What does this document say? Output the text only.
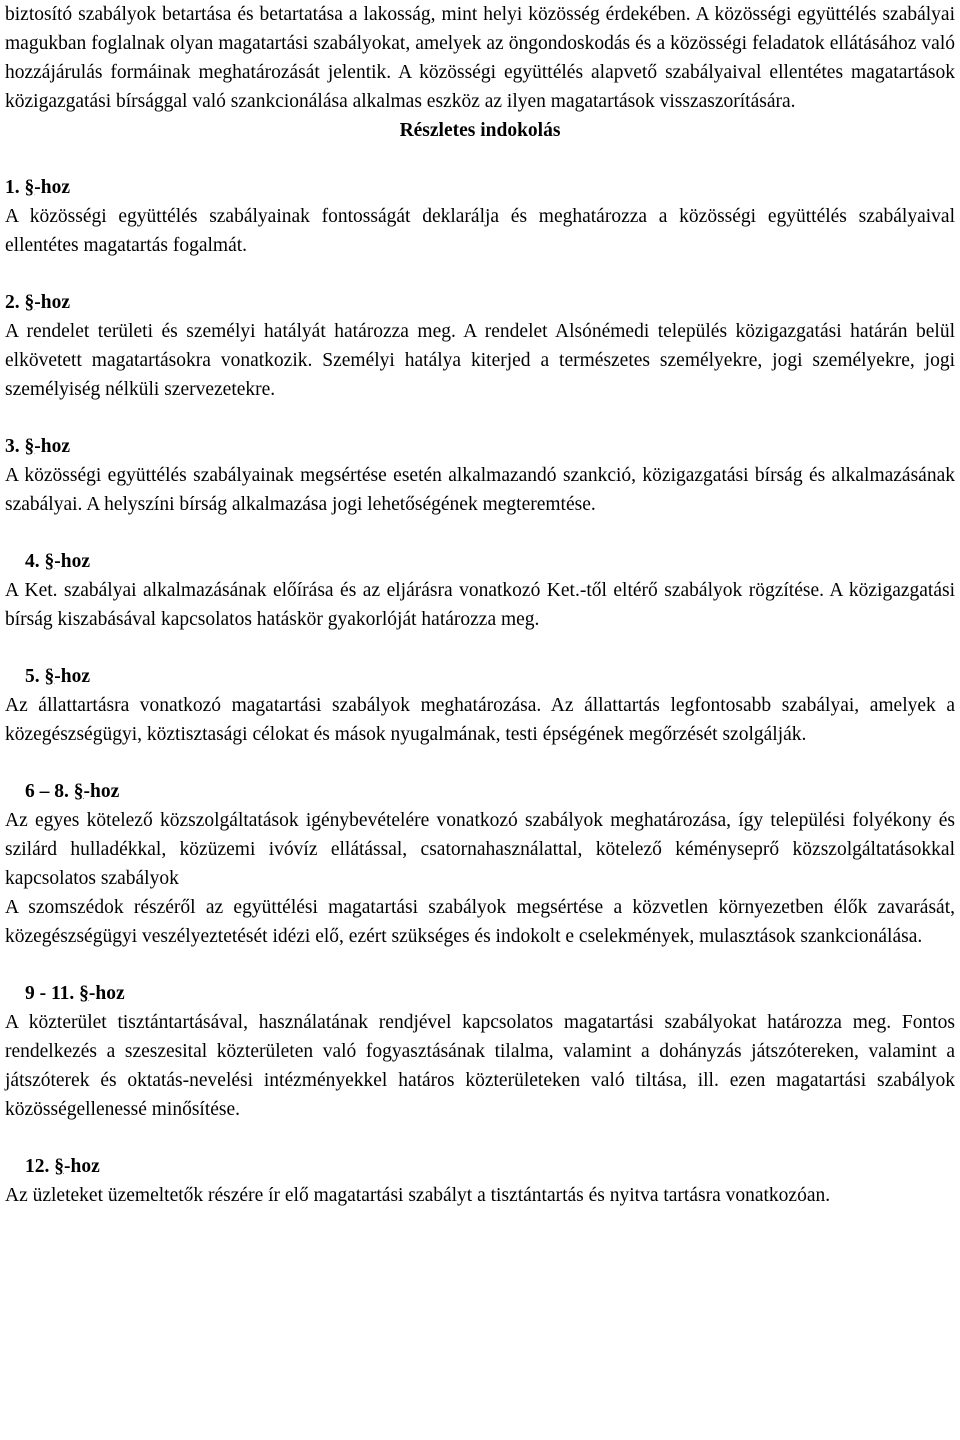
biztosító szabályok betartása és betartatása a lakosság, mint helyi közösség érdekében. A közösségi együttélés szabályai magukban foglalnak olyan magatartási szabályokat, amelyek az öngondoskodás és a közösségi feladatok ellátásához való hozzájárulás formáinak meghatározását jelentik. A közösségi együttélés alapvető szabályaival ellentétes magatartások közigazgatási bírsággal való szankcionálása alkalmas eszköz az ilyen magatartások visszaszorítására.

Részletes indokolás

1. §-hoz

A közösségi együttélés szabályainak fontosságát deklarálja és meghatározza a közösségi együttélés szabályaival ellentétes magatartás fogalmát.

2. §-hoz

A rendelet területi és személyi hatályát határozza meg. A rendelet Alsónémedi település közigazgatási határán belül elkövetett magatartásokra vonatkozik. Személyi hatálya kiterjed a természetes személyekre, jogi személyekre, jogi személyiség nélküli szervezetekre.

3. §-hoz

A közösségi együttélés szabályainak megsértése esetén alkalmazandó szankció, közigazgatási bírság és alkalmazásának szabályai. A helyszíni bírság alkalmazása jogi lehetőségének megteremtése.

4. §-hoz

A Ket. szabályai alkalmazásának előírása és az eljárásra vonatkozó Ket.-től eltérő szabályok rögzítése. A közigazgatási bírság kiszabásával kapcsolatos hatáskör gyakorlóját határozza meg.

5. §-hoz

Az állattartásra vonatkozó magatartási szabályok meghatározása. Az állattartás legfontosabb szabályai, amelyek a közegészségügyi, köztisztasági célokat és mások nyugalmának, testi épségének megőrzését szolgálják.

6 – 8. §-hoz

Az egyes kötelező közszolgáltatások igénybevételére vonatkozó szabályok meghatározása, így települési folyékony és szilárd hulladékkal, közüzemi ivóvíz ellátással, csatornahasználattal, kötelező kéményseprő közszolgáltatásokkal kapcsolatos szabályok

A szomszédok részéről az együttélési magatartási szabályok megsértése a közvetlen környezetben élők zavarását, közegészségügyi veszélyeztetését idézi elő, ezért szükséges és indokolt e cselekmények, mulasztások szankcionálása.

9 - 11. §-hoz

A közterület tisztántartásával, használatának rendjével kapcsolatos magatartási szabályokat határozza meg. Fontos rendelkezés a szeszesital közterületen való fogyasztásának tilalma, valamint a dohányzás játszótereken, valamint a játszóterek és oktatás-nevelési intézményekkel határos közterületeken való tiltása, ill. ezen magatartási szabályok közösségellenessé minősítése.

12. §-hoz

Az üzleteket üzemeltetők részére ír elő magatartási szabályt a tisztántartás és nyitva tartásra vonatkozóan.
